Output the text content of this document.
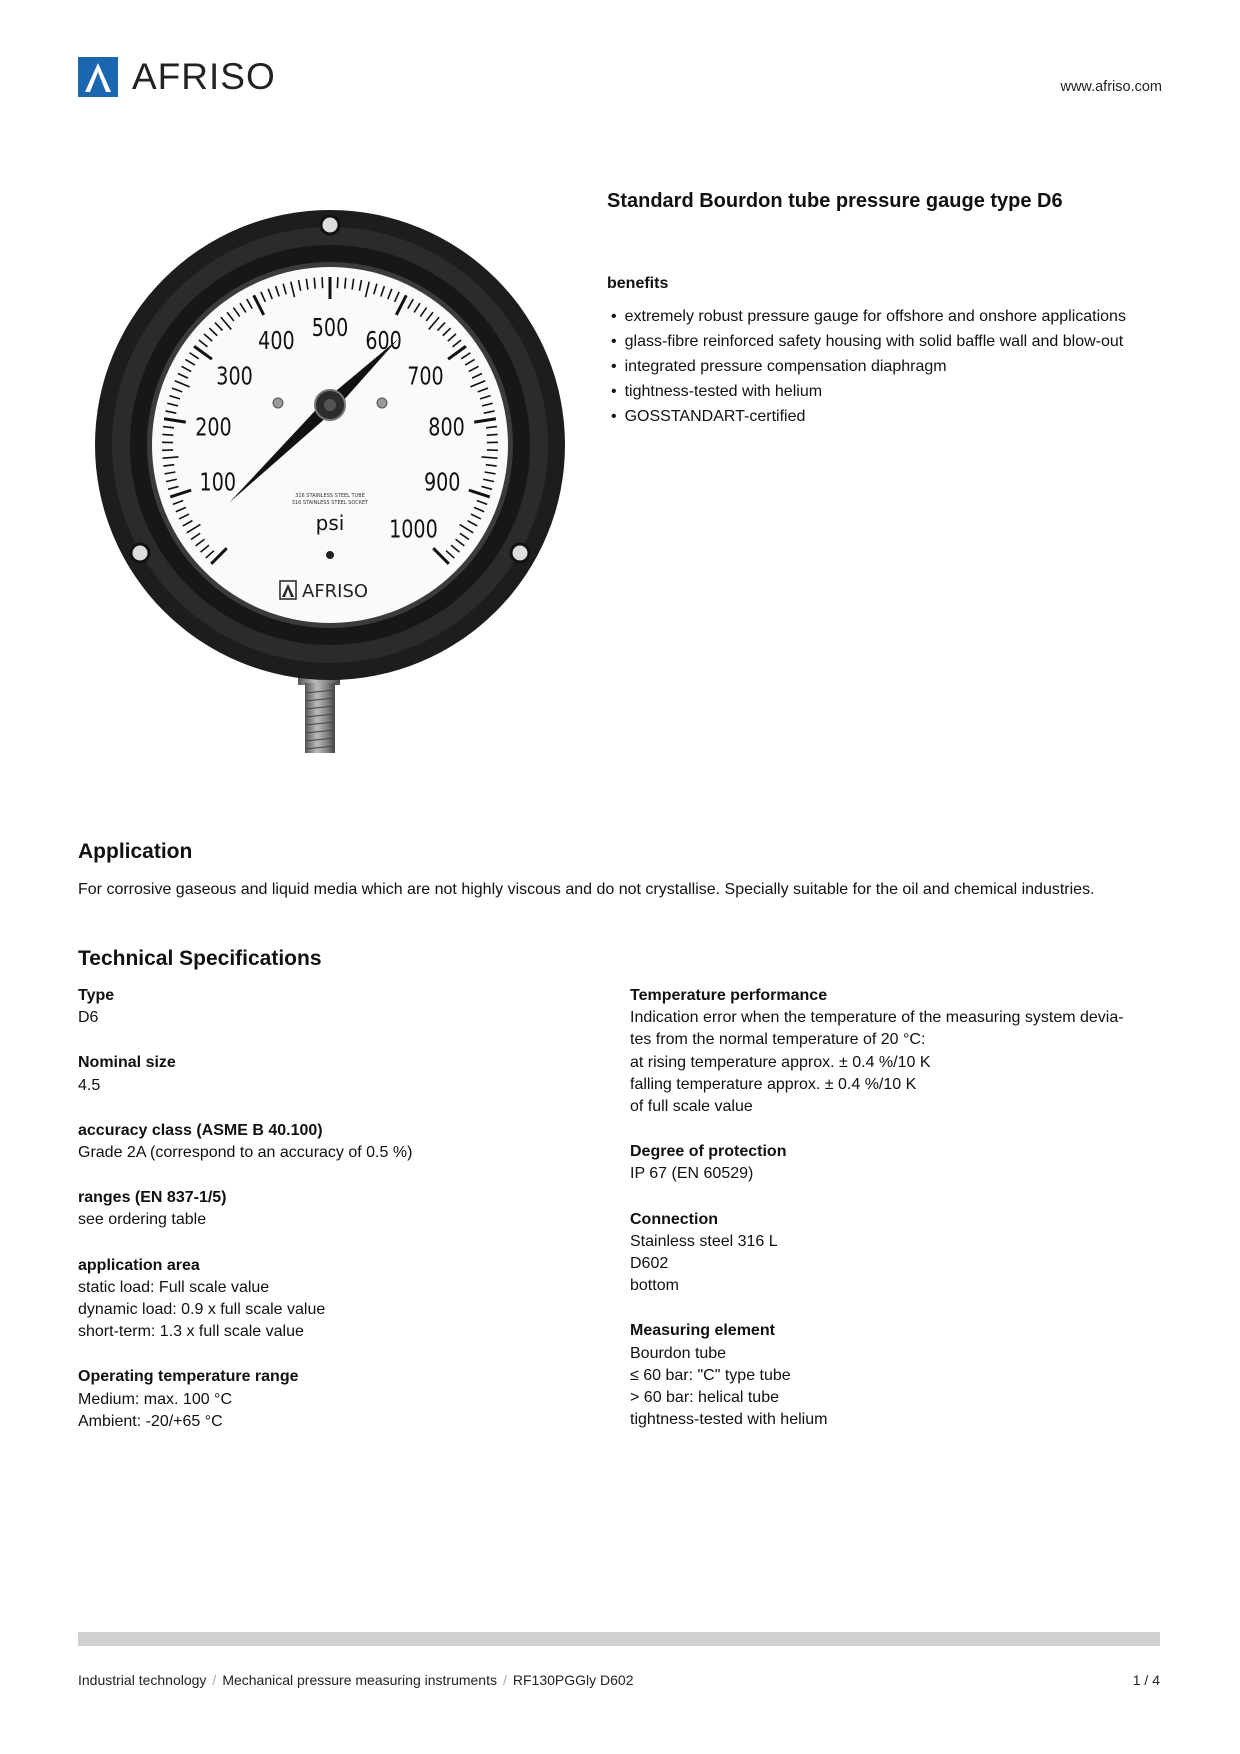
AFRISO	www.afriso.com
100
200
300
400 500 600
700
800
900
1000
psi
316 STAINLESS STEEL TUBE
316 STAINLESS STEEL SOCKET
AFRISO
Standard Bourdon tube pressure gauge type D6
benefits
• extremely robust pressure gauge for offshore and onshore applications
• glass-fibre reinforced safety housing with solid baffle wall and blow-out
• integrated pressure compensation diaphragm
• tightness-tested with helium
• GOSSTANDART-certified
Application
For corrosive gaseous and liquid media which are not highly viscous and do not crystallise. Specially suitable for the oil and chemical industries.
Technical Specifications
Type
D6
Nominal size
4.5
accuracy class (ASME B 40.100)
Grade 2A (correspond to an accuracy of 0.5 %)
ranges (EN 837-1/5)
see ordering table
application area
static load: Full scale value
dynamic load: 0.9 x full scale value
short-term: 1.3 x full scale value
Operating temperature range
Medium: max. 100 °C
Ambient: -20/+65 °C
Temperature performance
Indication error when the temperature of the measuring system devia-
tes from the normal temperature of 20 °C:
at rising temperature approx. ± 0.4 %/10 K
falling temperature approx. ± 0.4 %/10 K
of full scale value
Degree of protection
IP 67 (EN 60529)
Connection
Stainless steel 316 L
D602
bottom
Measuring element
Bourdon tube
≤ 60 bar: "C" type tube
> 60 bar: helical tube
tightness-tested with helium
Industrial technology / Mechanical pressure measuring instruments / RF130PGGly D602	1 / 4
